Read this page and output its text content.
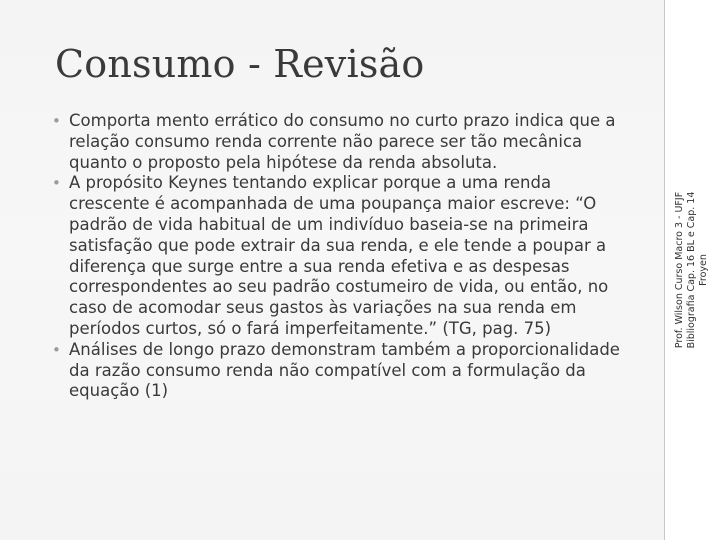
Consumo - Revisão
• Comporta mento errático do consumo no curto prazo indica que a relação consumo renda corrente não parece ser tão mecânica quanto o proposto pela hipótese da renda absoluta.
• A propósito Keynes tentando explicar porque a uma renda crescente é acompanhada de uma poupança maior escreve: “O padrão de vida habitual de um indivíduo baseia-se na primeira satisfação que pode extrair da sua renda, e ele tende a poupar a diferença que surge entre a sua renda efetiva e as despesas correspondentes ao seu padrão costumeiro de vida, ou então, no caso de acomodar seus gastos às variações na sua renda em períodos curtos, só o fará imperfeitamente.” (TG, pag. 75)
• Análises de longo prazo demonstram também a proporcionalidade da razão consumo renda não compatível com a formulação da equação (1)
Prof. Wilson Curso Macro 3 - UFJF Bibliografia Cap. 16 BL e Cap. 14 Froyen
